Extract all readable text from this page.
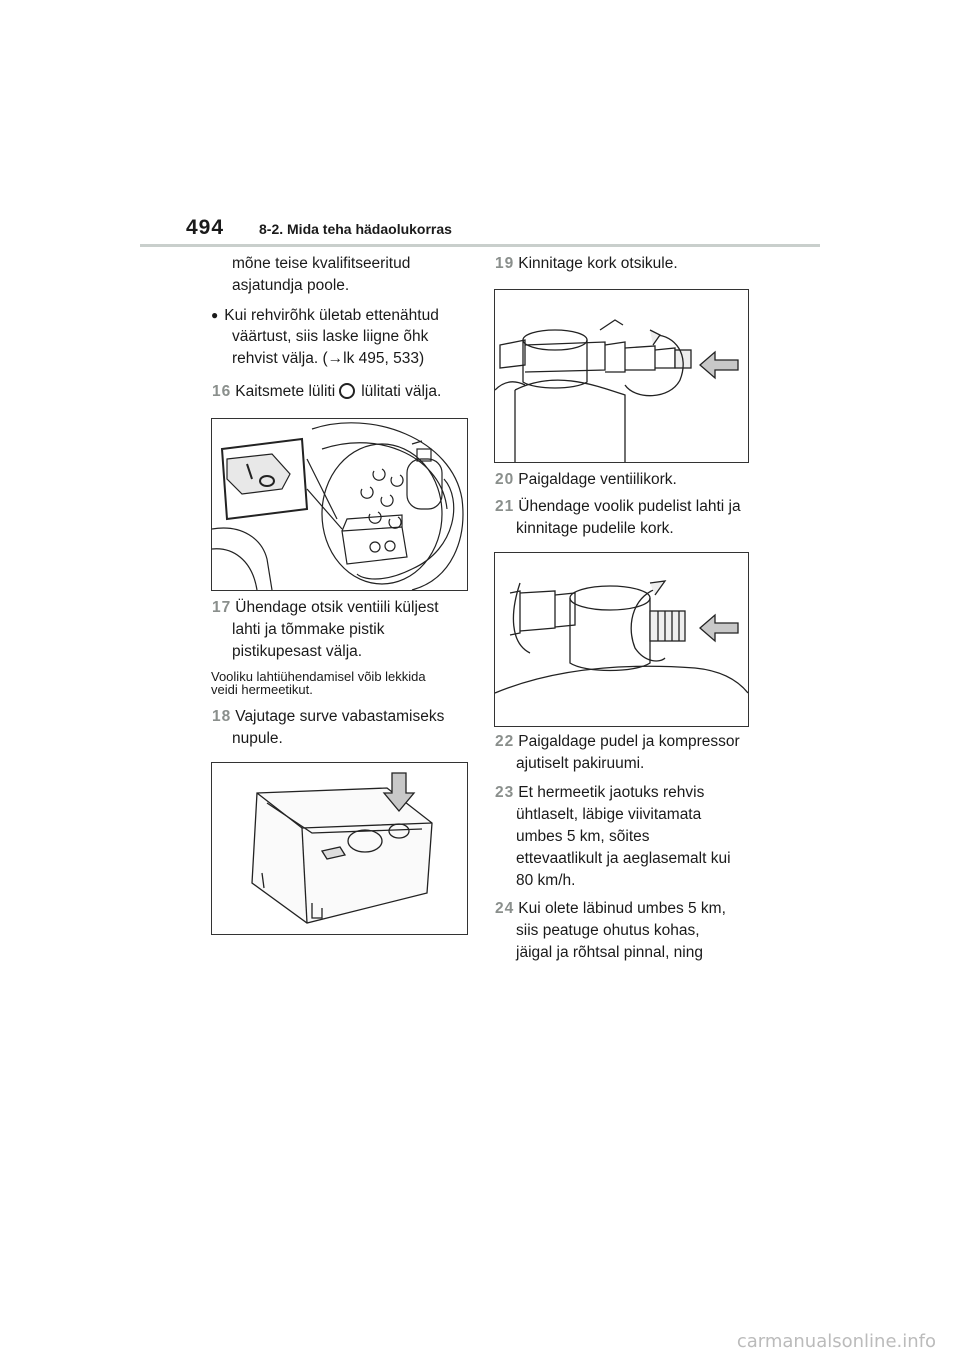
494 8-2. Mida teha hädaolukorras
mõne teise kvalifitseeritud
asjatundja poole.
● Kui rehvirõhk ületab ettenähtud
väärtust, siis laske liigne õhk
rehvist välja. (→lk 495, 533)
16 Kaitsmete lüliti lülitati välja.
17 Ühendage otsik ventiili küljest
lahti ja tõmmake pistik
pistikupesast välja.
Vooliku lahtiühendamisel võib lekkida
veidi hermeetikut.
18 Vajutage surve vabastamiseks
nupule.
19 Kinnitage kork otsikule.
20 Paigaldage ventiilikork.
21 Ühendage voolik pudelist lahti ja
kinnitage pudelile kork.
22 Paigaldage pudel ja kompressor
ajutiselt pakiruumi.
23 Et hermeetik jaotuks rehvis
ühtlaselt, läbige viivitamata
umbes 5 km, sõites
ettevaatlikult ja aeglasemalt kui
80 km/h.
24 Kui olete läbinud umbes 5 km,
siis peatuge ohutus kohas,
jäigal ja rõhtsal pinnal, ning
carmanualsonline.info
